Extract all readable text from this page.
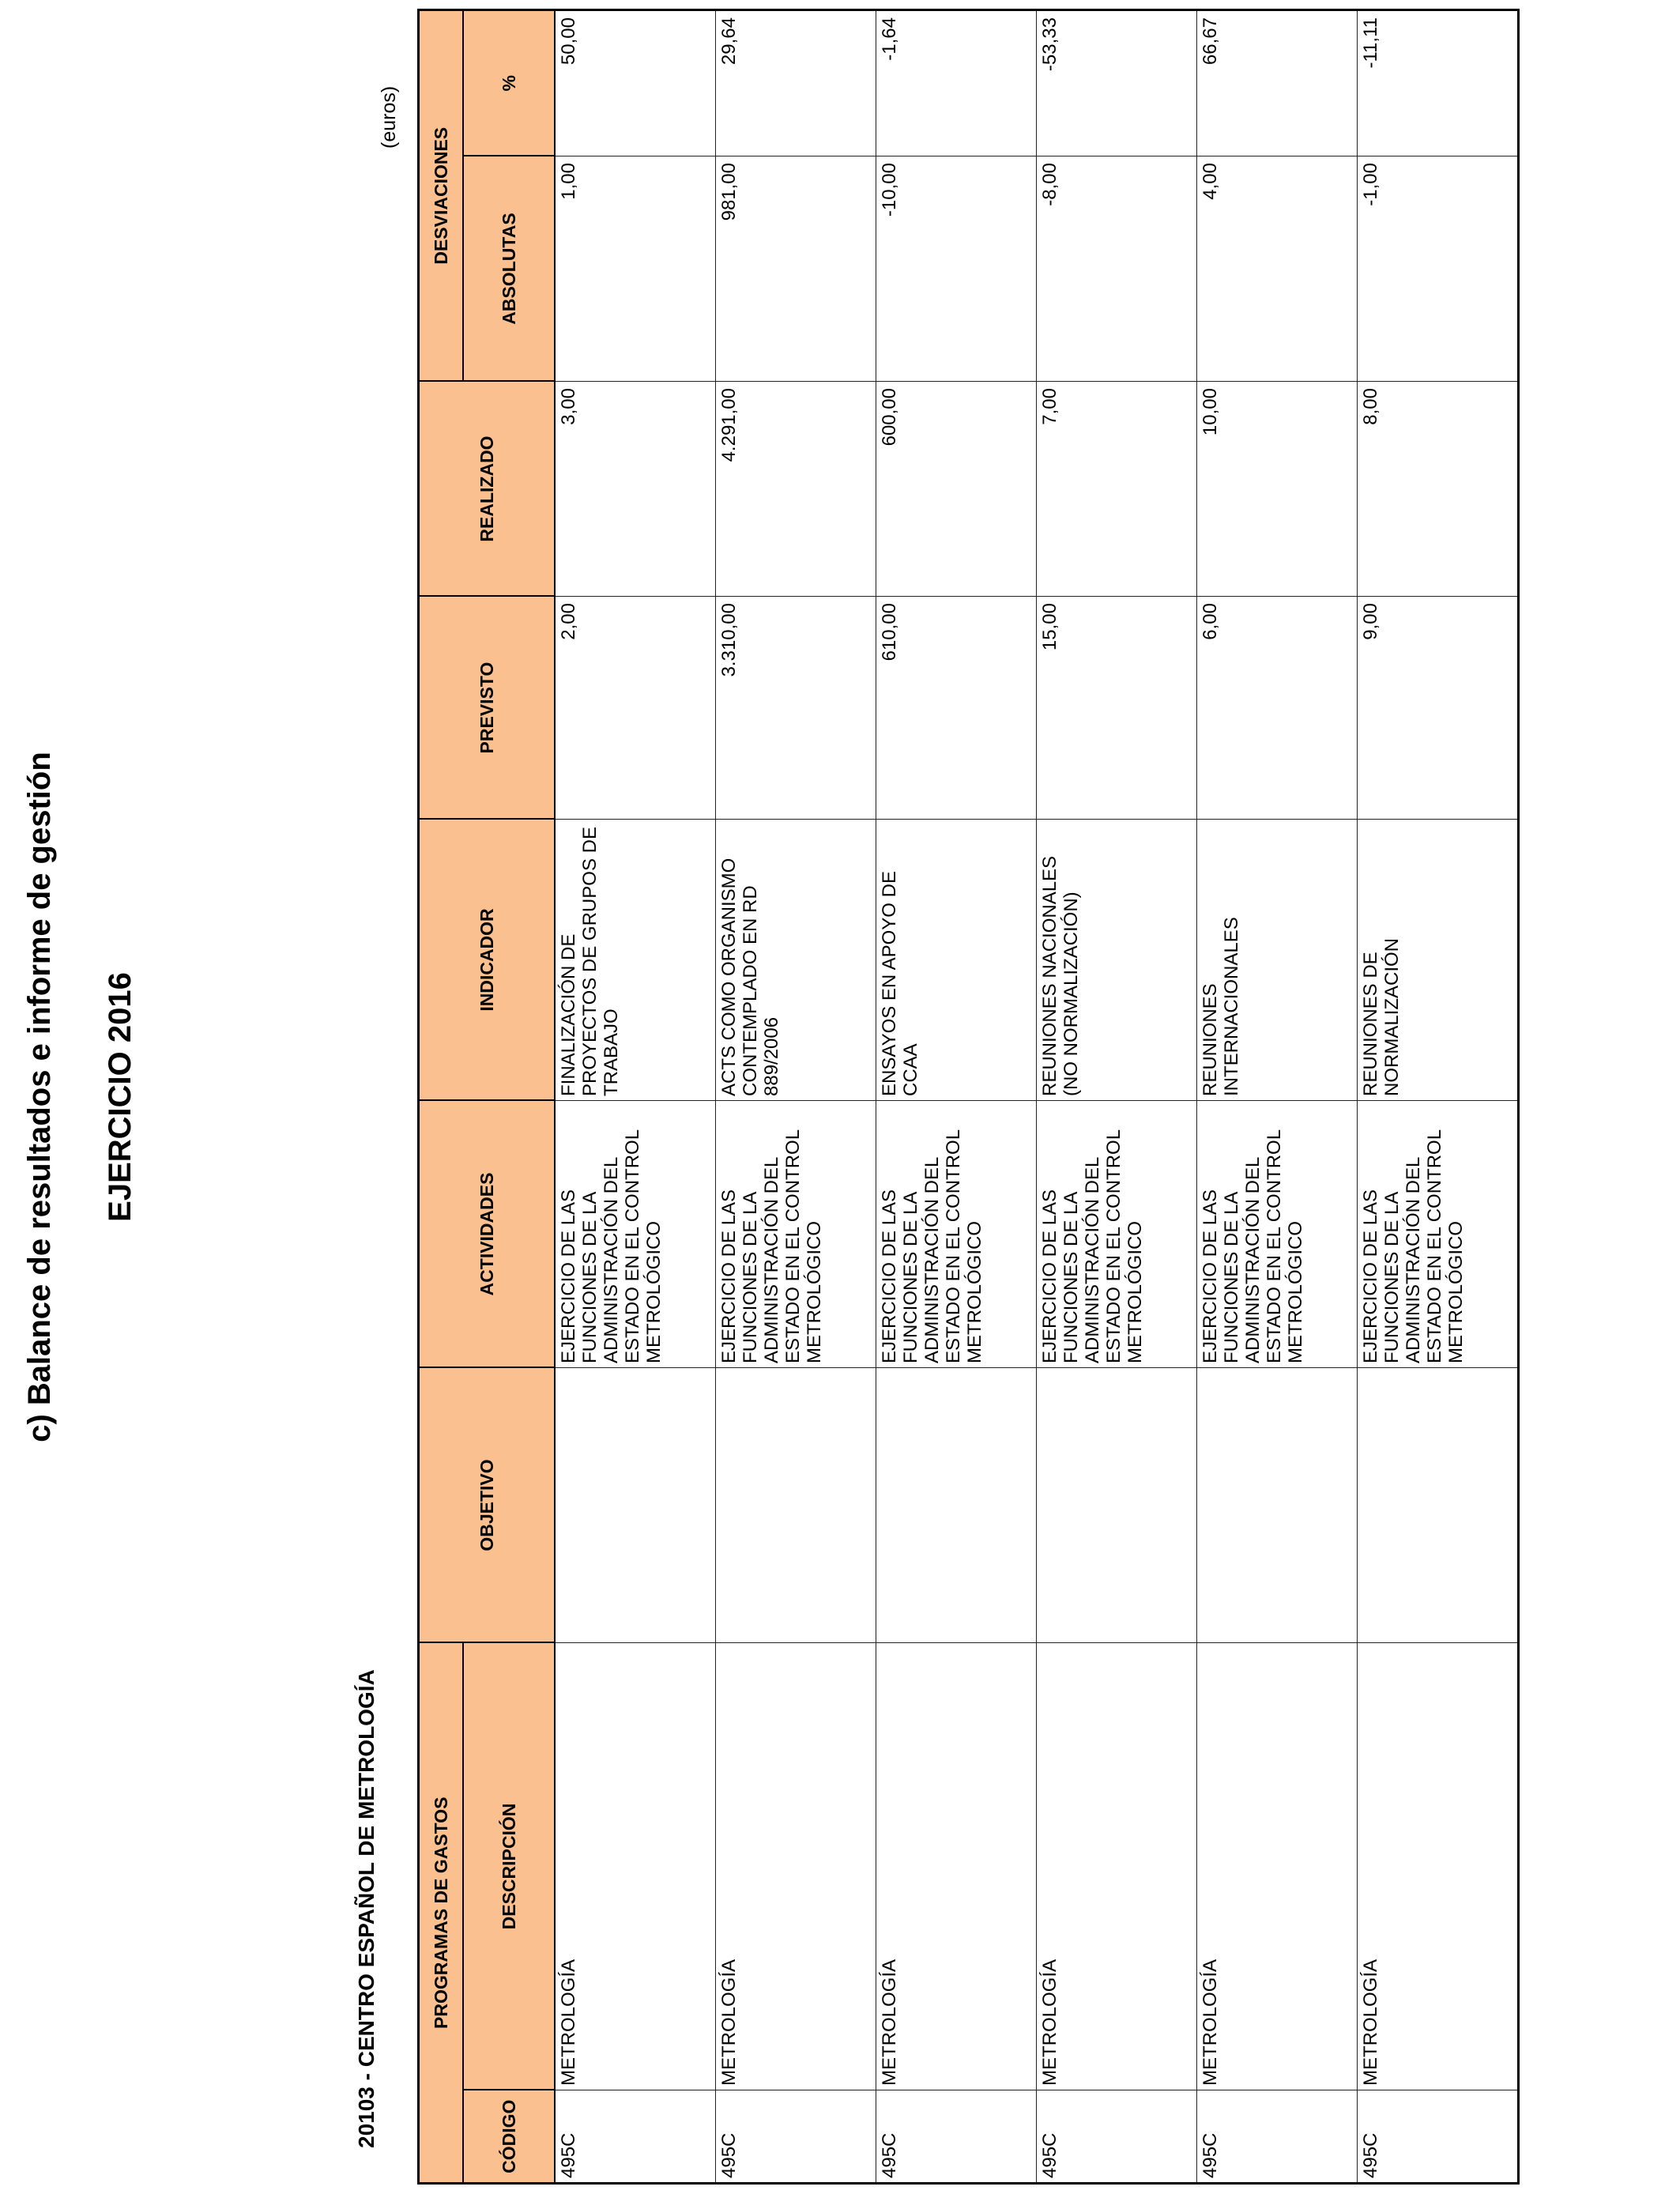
c) Balance de resultados e informe de gestión EJERCICIO 2016
20103 - CENTRO ESPAÑOL DE METROLOGÍA
(euros)
PROGRAMAS DE GASTOS		OBJETIVO	ACTIVIDADES	INDICADOR	PREVISTO	REALIZADO	DESVIACIONES	
CÓDIGO	DESCRIPCIÓN						ABSOLUTAS	%
495C	METROLOGÍA		EJERCICIO DE LAS FUNCIONES DE LA ADMINISTRACIÓN DEL ESTADO EN EL CONTROL METROLÓGICO	FINALIZACIÓN DE PROYECTOS DE GRUPOS DE TRABAJO	2,00	3,00	1,00	50,00
495C	METROLOGÍA		EJERCICIO DE LAS FUNCIONES DE LA ADMINISTRACIÓN DEL ESTADO EN EL CONTROL METROLÓGICO	ACTS COMO ORGANISMO CONTEMPLADO EN RD 889/2006	3.310,00	4.291,00	981,00	29,64
495C	METROLOGÍA		EJERCICIO DE LAS FUNCIONES DE LA ADMINISTRACIÓN DEL ESTADO EN EL CONTROL METROLÓGICO	ENSAYOS EN APOYO DE CCAA	610,00	600,00	-10,00	-1,64
495C	METROLOGÍA		EJERCICIO DE LAS FUNCIONES DE LA ADMINISTRACIÓN DEL ESTADO EN EL CONTROL METROLÓGICO	REUNIONES NACIONALES (NO NORMALIZACIÓN)	15,00	7,00	-8,00	-53,33
495C	METROLOGÍA		EJERCICIO DE LAS FUNCIONES DE LA ADMINISTRACIÓN DEL ESTADO EN EL CONTROL METROLÓGICO	REUNIONES INTERNACIONALES	6,00	10,00	4,00	66,67
495C	METROLOGÍA		EJERCICIO DE LAS FUNCIONES DE LA ADMINISTRACIÓN DEL ESTADO EN EL CONTROL METROLÓGICO	REUNIONES DE NORMALIZACIÓN	9,00	8,00	-1,00	-11,11
